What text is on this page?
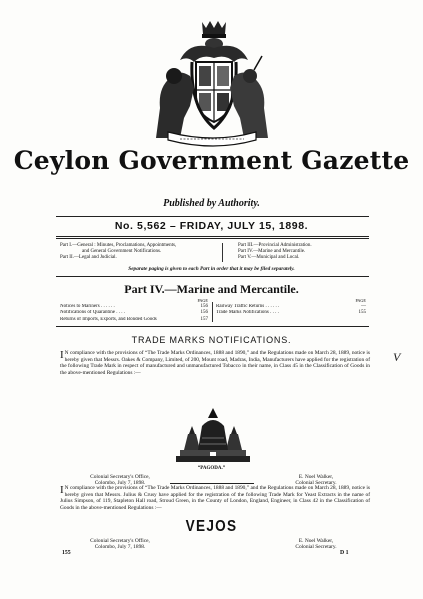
Ceylon Government Gazette
Published by Authority.
No. 5,562 – FRIDAY, JULY 15, 1898.
Part I.—General : Minutes, Proclamations, Appointments,
and General Government Notifications.
Part II.—Legal and Judicial.
Part III.—Provincial Administration.
Part IV.—Marine and Mercantile.
Part V.—Municipal and Local.
Separate paging is given to each Part in order that it may be filed separately.
Part IV.—Marine and Mercantile.
PAGE
Notices to Mariners . . . . . .	156
Notifications of Quarantine . . . .	156
Returns of Imports, Exports, and Bonded Goods	157
PAGE
Railway Traffic Returns . . . . . .	—
Trade Marks Notifications . . . .	155
TRADE MARKS NOTIFICATIONS.
I N compliance with the provisions of “The Trade Marks Ordinances, 1888 and 1890,” and the Regulations made on March 28, 1889, notice is hereby given that Messrs. Oakes & Company, Limited, of 200, Mount road, Madras, India, Manufacturers have applied for the registration of the following Trade Mark in respect of manufactured and unmanufactured Tobacco in their name, in Class 45 in the Classification of Goods in the above-mentioned Regulations :—
V
“PAGODA.”
Colonial Secretary's Office,
Colombo, July 7, 1898.
E. Noel Walker,
Colonial Secretary.
I N compliance with the provisions of “The Trade Marks Ordinances, 1888 and 1890,” and the Regulations made on March 28, 1889, notice is hereby given that Messrs. Julius & Crusy have applied for the registration of the following Trade Mark for Yeast Extracts in the name of Julius Simpson, of 119, Stapleton Hall road, Stroud Green, in the County of London, England, Engineer, in Class 42 in the Classification of Goods in the above-mentioned Regulations :—
VEJOS
Colonial Secretary's Office,
Colombo, July 7, 1898.
E. Noel Walker,
Colonial Secretary.
155	D 1
